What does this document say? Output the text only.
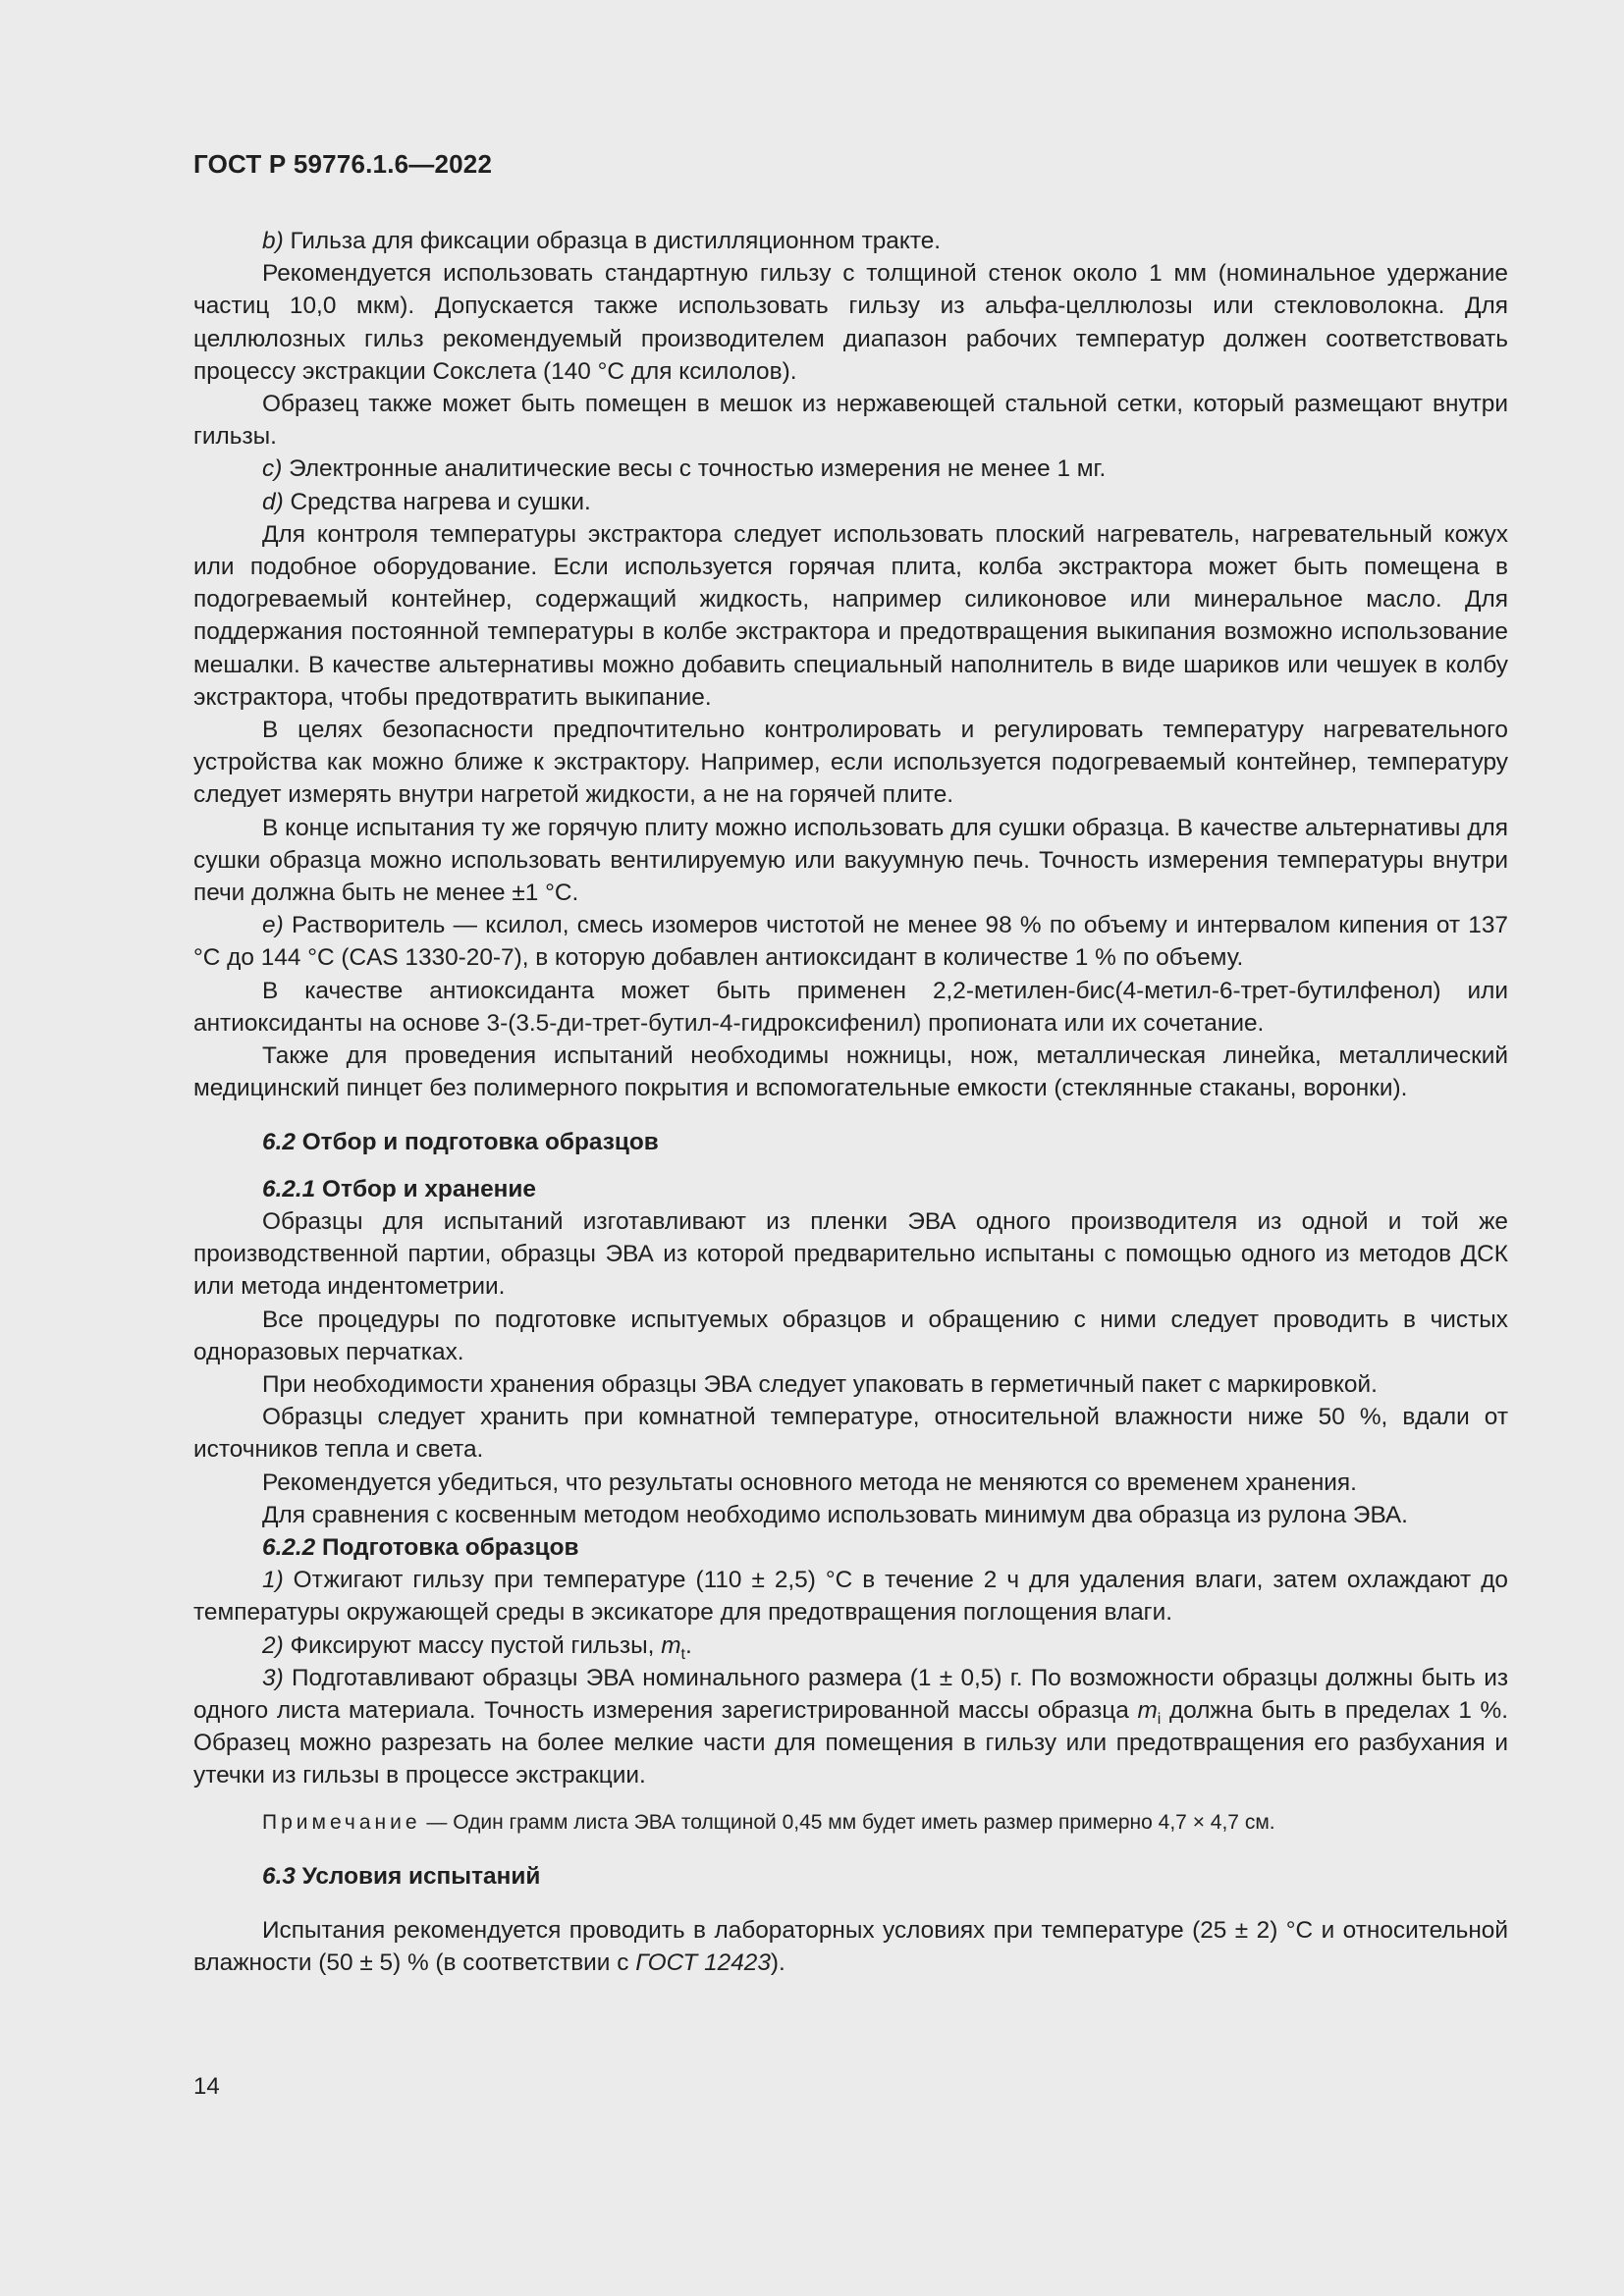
ГОСТ Р 59776.1.6—2022

b) Гильза для фиксации образца в дистилляционном тракте.

Рекомендуется использовать стандартную гильзу с толщиной стенок около 1 мм (номинальное удержание частиц 10,0 мкм). Допускается также использовать гильзу из альфа-целлюлозы или стекловолокна. Для целлюлозных гильз рекомендуемый производителем диапазон рабочих температур должен соответствовать процессу экстракции Сокслета (140 °С для ксилолов).

Образец также может быть помещен в мешок из нержавеющей стальной сетки, который размещают внутри гильзы.

c) Электронные аналитические весы с точностью измерения не менее 1 мг.

d) Средства нагрева и сушки.

Для контроля температуры экстрактора следует использовать плоский нагреватель, нагревательный кожух или подобное оборудование. Если используется горячая плита, колба экстрактора может быть помещена в подогреваемый контейнер, содержащий жидкость, например силиконовое или минеральное масло. Для поддержания постоянной температуры в колбе экстрактора и предотвращения выкипания возможно использование мешалки. В качестве альтернативы можно добавить специальный наполнитель в виде шариков или чешуек в колбу экстрактора, чтобы предотвратить выкипание.

В целях безопасности предпочтительно контролировать и регулировать температуру нагревательного устройства как можно ближе к экстрактору. Например, если используется подогреваемый контейнер, температуру следует измерять внутри нагретой жидкости, а не на горячей плите.

В конце испытания ту же горячую плиту можно использовать для сушки образца. В качестве альтернативы для сушки образца можно использовать вентилируемую или вакуумную печь. Точность измерения температуры внутри печи должна быть не менее ±1 °С.

e) Растворитель — ксилол, смесь изомеров чистотой не менее 98 % по объему и интервалом кипения от 137 °С до 144 °С (CAS 1330-20-7), в которую добавлен антиоксидант в количестве 1 % по объему.

В качестве антиоксиданта может быть применен 2,2-метилен-бис(4-метил-6-трет-бутилфенол) или антиоксиданты на основе 3-(3.5-ди-трет-бутил-4-гидроксифенил) пропионата или их сочетание.

Также для проведения испытаний необходимы ножницы, нож, металлическая линейка, металлический медицинский пинцет без полимерного покрытия и вспомогательные емкости (стеклянные стаканы, воронки).

6.2 Отбор и подготовка образцов
6.2.1 Отбор и хранение

Образцы для испытаний изготавливают из пленки ЭВА одного производителя из одной и той же производственной партии, образцы ЭВА из которой предварительно испытаны с помощью одного из методов ДСК или метода индентометрии.

Все процедуры по подготовке испытуемых образцов и обращению с ними следует проводить в чистых одноразовых перчатках.

При необходимости хранения образцы ЭВА следует упаковать в герметичный пакет с маркировкой.

Образцы следует хранить при комнатной температуре, относительной влажности ниже 50 %, вдали от источников тепла и света.

Рекомендуется убедиться, что результаты основного метода не меняются со временем хранения.

Для сравнения с косвенным методом необходимо использовать минимум два образца из рулона ЭВА.

6.2.2 Подготовка образцов

1) Отжигают гильзу при температуре (110 ± 2,5) °С в течение 2 ч для удаления влаги, затем охлаждают до температуры окружающей среды в эксикаторе для предотвращения поглощения влаги.

2) Фиксируют массу пустой гильзы, $m_t$.

3) Подготавливают образцы ЭВА номинального размера (1 ± 0,5) г. По возможности образцы должны быть из одного листа материала. Точность измерения зарегистрированной массы образца $m_i$ должна быть в пределах 1 %. Образец можно разрезать на более мелкие части для помещения в гильзу или предотвращения его разбухания и утечки из гильзы в процессе экстракции.

Примечание — Один грамм листа ЭВА толщиной 0,45 мм будет иметь размер примерно 4,7 × 4,7 см.
6.3 Условия испытаний

Испытания рекомендуется проводить в лабораторных условиях при температуре (25 ± 2) °С и относительной влажности (50 ± 5) % (в соответствии с ГОСТ 12423).

14
